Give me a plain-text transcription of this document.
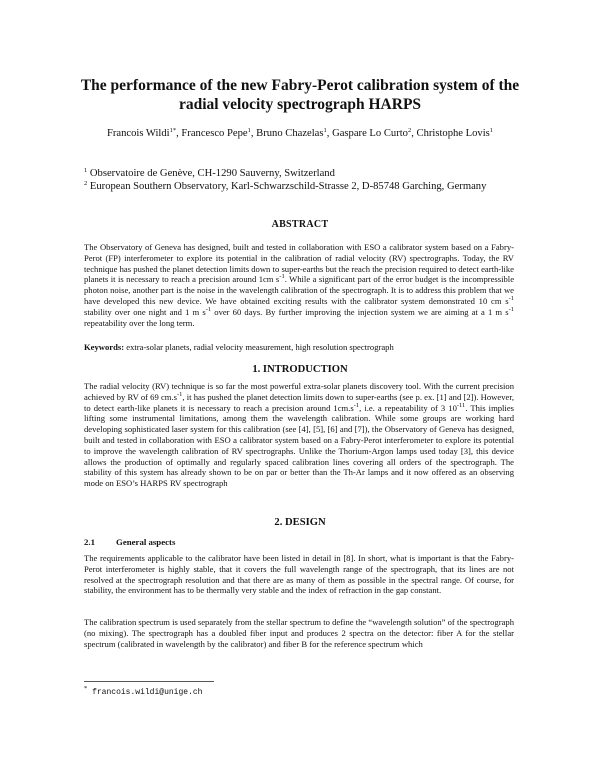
The performance of the new Fabry-Perot calibration system of the
radial velocity spectrograph HARPS

Francois Wildi$^{1*}$, Francesco Pepe$^1$, Bruno Chazelas$^1$, Gaspare Lo Curto$^2$, Christophe Lovis$^1$

$^1$ Observatoire de Genève, CH-1290 Sauverny, Switzerland

$^2$ European Southern Observatory, Karl-Schwarzschild-Strasse 2, D-85748 Garching, Germany

ABSTRACT

The Observatory of Geneva has designed, built and tested in collaboration with ESO a calibrator system based on a Fabry-Perot (FP) interferometer to explore its potential in the calibration of radial velocity (RV) spectrographs. Today, the RV technique has pushed the planet detection limits down to super-earths but the reach the precision required to detect earth-like planets it is necessary to reach a precision around 1cm $s^{-1}$. While a significant part of the error budget is the incompressible photon noise, another part is the noise in the wavelength calibration of the spectrograph. It is to address this problem that we have developed this new device. We have obtained exciting results with the calibrator system demonstrated 10 cm $s^{-1}$ stability over one night and 1 m $s^{-1}$ over 60 days. By further improving the injection system we are aiming at a 1 m $s^{-1}$ repeatability over the long term.

Keywords: extra-solar planets, radial velocity measurement, high resolution spectrograph

1. INTRODUCTION

The radial velocity (RV) technique is so far the most powerful extra-solar planets discovery tool. With the current precision achieved by RV of 69 $cm.s^{-1}$, it has pushed the planet detection limits down to super-earths (see p. ex. [1] and [2]). However, to detect earth-like planets it is necessary to reach a precision around $1cm.s^{-1}$, i.e. a repeatability of 3 $10^{-11}$. This implies lifting some instrumental limitations, among them the wavelength calibration. While some groups are working hard developing sophisticated laser system for this calibration (see [4], [5], [6] and [7]), the Observatory of Geneva has designed, built and tested in collaboration with ESO a calibrator system based on a Fabry-Perot interferometer to explore its potential to improve the wavelength calibration of RV spectrographs. Unlike the Thorium-Argon lamps used today [3], this device allows the production of optimally and regularly spaced calibration lines covering all orders of the spectrograph. The stability of this system has already shown to be on par or better than the Th-Ar lamps and it now offered as an observing mode on ESO’s HARPS RV spectrograph

2. DESIGN
2.1 General aspects

The requirements applicable to the calibrator have been listed in detail in [8]. In short, what is important is that the Fabry-Perot interferometer is highly stable, that it covers the full wavelength range of the spectrograph, that its lines are not resolved at the spectrograph resolution and that there are as many of them as possible in the spectral range. Of course, for stability, the environment has to be thermally very stable and the index of refraction in the gap constant.

The calibration spectrum is used separately from the stellar spectrum to define the “wavelength solution” of the spectrograph (no mixing). The spectrograph has a doubled fiber input and produces 2 spectra on the detector: fiber A for the stellar spectrum (calibrated in wavelength by the calibrator) and fiber B for the reference spectrum which

* francois.wildi@unige.ch
